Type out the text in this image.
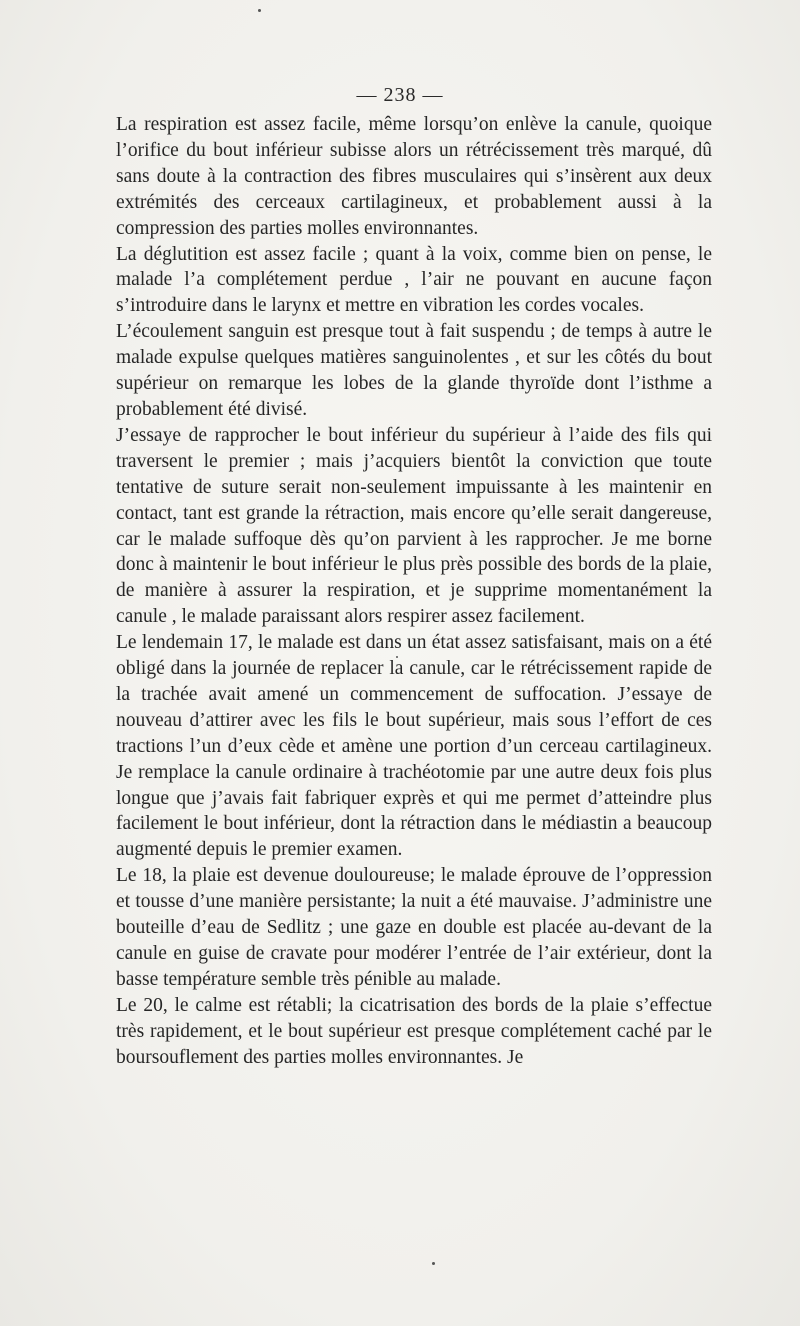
— 238 —

La respiration est assez facile, même lorsqu’on enlève la canule, quoique l’orifice du bout inférieur subisse alors un rétrécissement très marqué, dû sans doute à la contraction des fibres musculaires qui s’insèrent aux deux extrémités des cerceaux cartilagineux, et probablement aussi à la compression des parties molles environnantes.

La déglutition est assez facile ; quant à la voix, comme bien on pense, le malade l’a complétement perdue , l’air ne pouvant en aucune façon s’introduire dans le larynx et mettre en vibration les cordes vocales.

L’écoulement sanguin est presque tout à fait suspendu ; de temps à autre le malade expulse quelques matières sanguinolentes , et sur les côtés du bout supérieur on remarque les lobes de la glande thyroïde dont l’isthme a probablement été divisé.

J’essaye de rapprocher le bout inférieur du supérieur à l’aide des fils qui traversent le premier ; mais j’acquiers bientôt la conviction que toute tentative de suture serait non-seulement impuissante à les maintenir en contact, tant est grande la rétraction, mais encore qu’elle serait dangereuse, car le malade suffoque dès qu’on parvient à les rapprocher. Je me borne donc à maintenir le bout inférieur le plus près possible des bords de la plaie, de manière à assurer la respiration, et je supprime momentanément la canule , le malade paraissant alors respirer assez facilement.

Le lendemain 17, le malade est dans un état assez satisfaisant, mais on a été obligé dans la journée de replacer la canule, car le rétrécissement rapide de la trachée avait amené un commencement de suffocation. J’essaye de nouveau d’attirer avec les fils le bout supérieur, mais sous l’effort de ces tractions l’un d’eux cède et amène une portion d’un cerceau cartilagineux. Je remplace la canule ordinaire à trachéotomie par une autre deux fois plus longue que j’avais fait fabriquer exprès et qui me permet d’atteindre plus facilement le bout inférieur, dont la rétraction dans le médiastin a beaucoup augmenté depuis le premier examen.

Le 18, la plaie est devenue douloureuse; le malade éprouve de l’oppression et tousse d’une manière persistante; la nuit a été mauvaise. J’administre une bouteille d’eau de Sedlitz ; une gaze en double est placée au-devant de la canule en guise de cravate pour modérer l’entrée de l’air extérieur, dont la basse température semble très pénible au malade.

Le 20, le calme est rétabli; la cicatrisation des bords de la plaie s’effectue très rapidement, et le bout supérieur est presque complétement caché par le boursouflement des parties molles environnantes. Je
